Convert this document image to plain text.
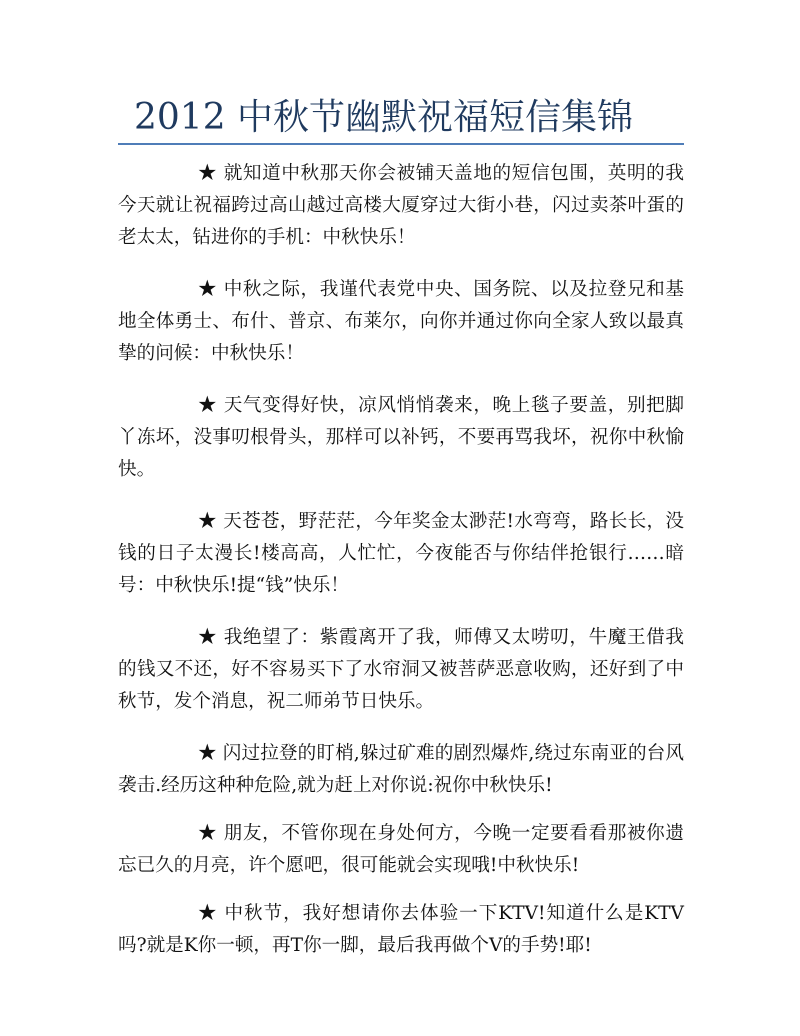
2012 中秋节幽默祝福短信集锦

★ 就知道中秋那天你会被铺天盖地的短信包围，英明的我今天就让祝福跨过高山越过高楼大厦穿过大街小巷，闪过卖茶叶蛋的老太太，钻进你的手机：中秋快乐！

★ 中秋之际，我谨代表党中央、国务院、以及拉登兄和基地全体勇士、布什、普京、布莱尔，向你并通过你向全家人致以最真挚的问候：中秋快乐！

★ 天气变得好快，凉风悄悄袭来，晚上毯子要盖，别把脚丫冻坏，没事叨根骨头，那样可以补钙，不要再骂我坏，祝你中秋愉快。

★ 天苍苍，野茫茫，今年奖金太渺茫!水弯弯，路长长，没钱的日子太漫长!楼高高，人忙忙，今夜能否与你结伴抢银行……暗号：中秋快乐!提“钱”快乐！

★ 我绝望了：紫霞离开了我，师傅又太唠叨，牛魔王借我的钱又不还，好不容易买下了水帘洞又被菩萨恶意收购，还好到了中秋节，发个消息，祝二师弟节日快乐。

★ 闪过拉登的盯梢,躲过矿难的剧烈爆炸,绕过东南亚的台风袭击.经历这种种危险,就为赶上对你说:祝你中秋快乐!

★ 朋友，不管你现在身处何方，今晚一定要看看那被你遗忘已久的月亮，许个愿吧，很可能就会实现哦!中秋快乐!

★ 中秋节，我好想请你去体验一下KTV!知道什么是KTV吗?就是K你一顿，再T你一脚，最后我再做个V的手势!耶!
